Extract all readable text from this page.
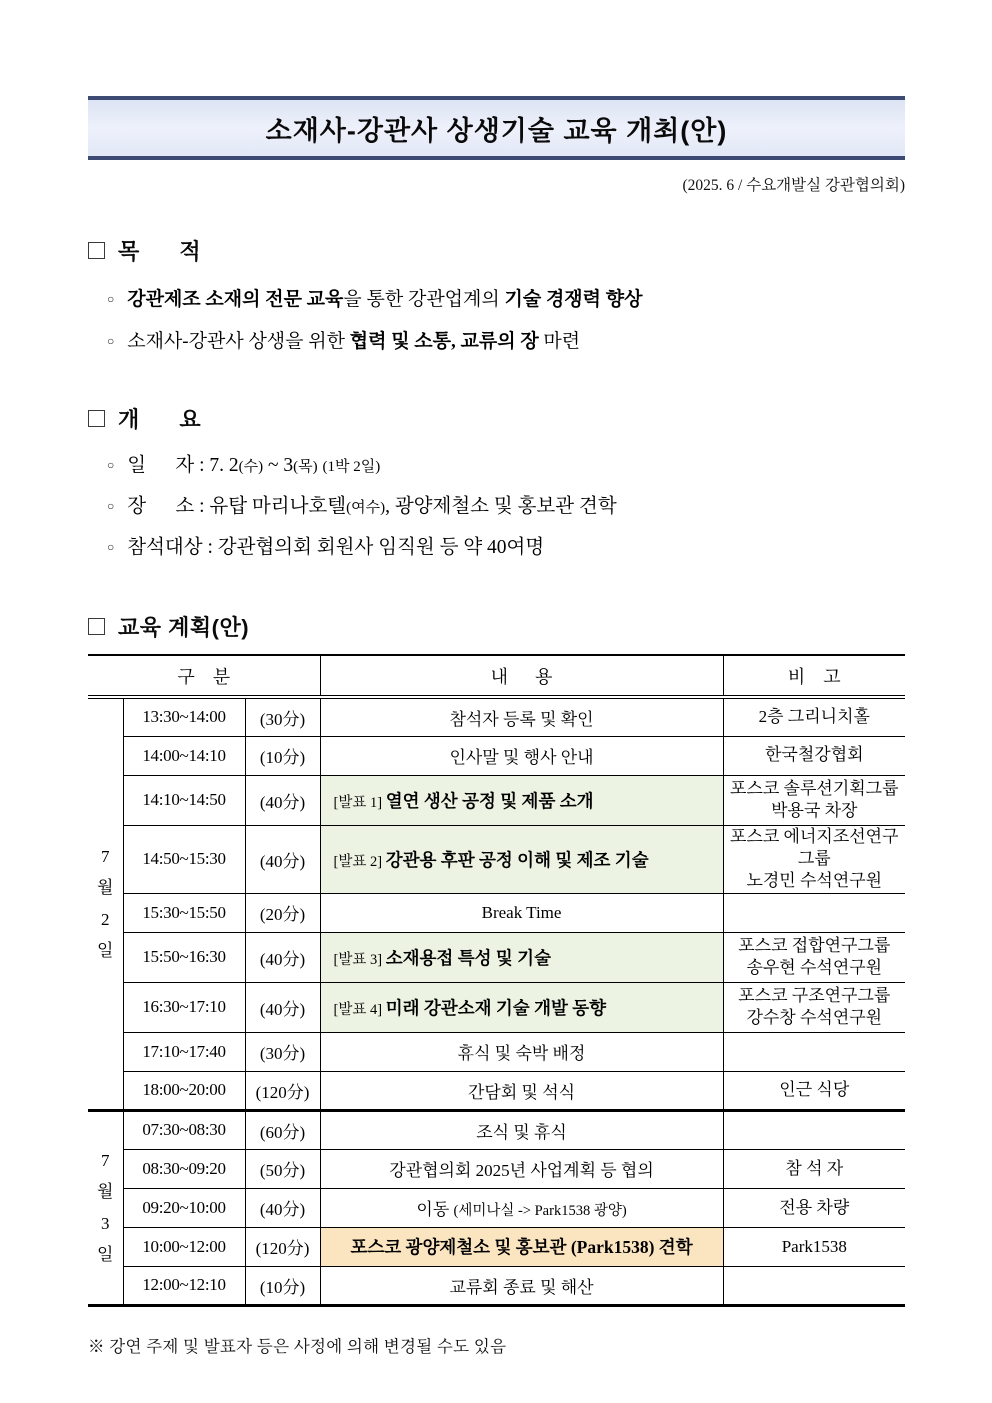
소재사-강관사 상생기술 교육 개최(안)
(2025. 6 / 수요개발실 강관협의회)
목      적
○ 강관제조 소재의 전문 교육을 통한 강관업계의 기술 경쟁력 향상
○ 소재사-강관사 상생을 위한 협력 및 소통, 교류의 장 마련
개      요
○ 일      자 : 7. 2(수) ~ 3(목) (1박 2일)
○ 장      소 : 유탑 마리나호텔(여수), 광양제철소 및 홍보관 견학
○ 참석대상 : 강관협의회 회원사 임직원 등 약 40여명
교육 계획(안)
구    분			내      용	비    고

7
월
2
일	13:30~14:00	(30分)	참석자 등록 및 확인	2층 그리니치홀

	14:00~14:10	(10分)	인사말 및 행사 안내	한국철강협회

	14:10~14:50	(40分)	[발표 1] 열연 생산 공정 및 제품 소개	포스코 솔루션기획그룹
박용국 차장

	14:50~15:30	(40分)	[발표 2] 강관용 후판 공정 이해 및 제조 기술	포스코 에너지조선연구그룹
노경민 수석연구원

	15:30~15:50	(20分)	Break Time	
	15:50~16:30	(40分)	[발표 3] 소재용접 특성 및 기술	포스코 접합연구그룹
송우현 수석연구원

	16:30~17:10	(40分)	[발표 4] 미래 강관소재 기술 개발 동향	포스코 구조연구그룹
강수창 수석연구원

	17:10~17:40	(30分)	휴식 및 숙박 배정	
	18:00~20:00	(120分)	간담회 및 석식	인근 식당

7
월
3
일	07:30~08:30	(60分)	조식 및 휴식	
	08:30~09:20	(50分)	강관협의회 2025년 사업계획 등 협의	참 석 자

	09:20~10:00	(40分)	이동 (세미나실 -> Park1538 광양)	전용 차량

	10:00~12:00	(120分)	포스코 광양제철소 및 홍보관 (Park1538) 견학	Park1538

	12:00~12:10	(10分)	교류회 종료 및 해산	
※ 강연 주제 및 발표자 등은 사정에 의해 변경될 수도 있음
